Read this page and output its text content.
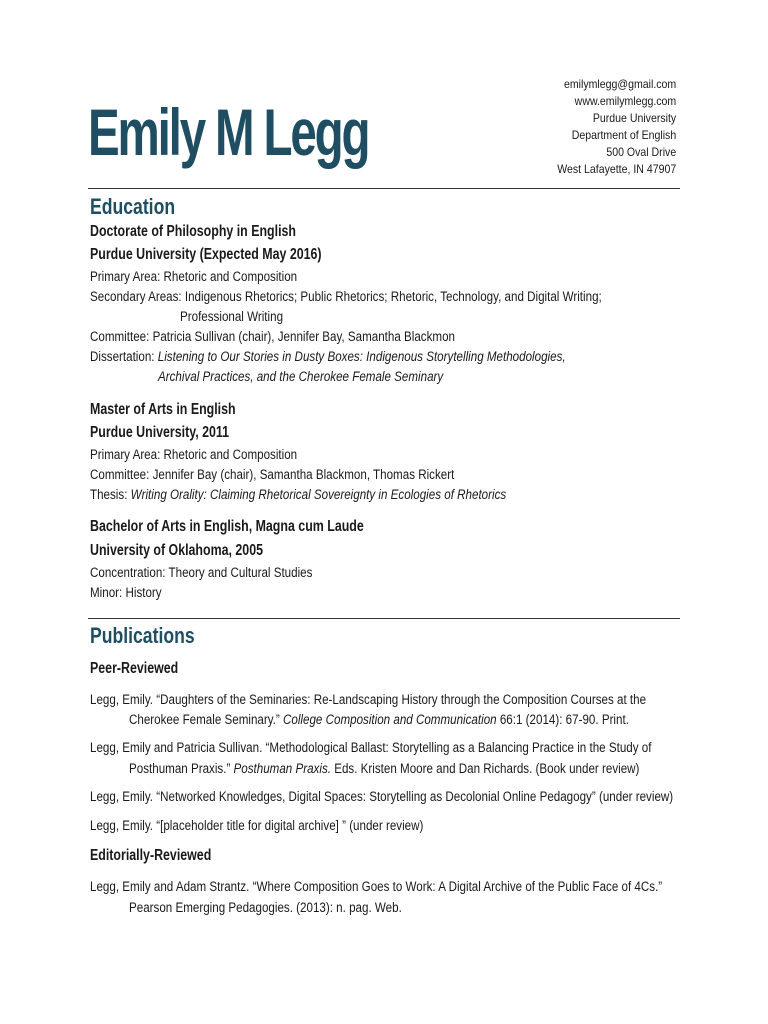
Emily M Legg
emilymlegg@gmail.com
www.emilymlegg.com
Purdue University
Department of English
500 Oval Drive
West Lafayette, IN 47907
Education
Doctorate of Philosophy in English
Purdue University (Expected May 2016)
Primary Area: Rhetoric and Composition
Secondary Areas: Indigenous Rhetorics; Public Rhetorics; Rhetoric, Technology, and Digital Writing;
Professional Writing
Committee: Patricia Sullivan (chair), Jennifer Bay, Samantha Blackmon
Dissertation: Listening to Our Stories in Dusty Boxes: Indigenous Storytelling Methodologies,
Archival Practices, and the Cherokee Female Seminary
Master of Arts in English
Purdue University, 2011
Primary Area: Rhetoric and Composition
Committee: Jennifer Bay (chair), Samantha Blackmon, Thomas Rickert
Thesis: Writing Orality: Claiming Rhetorical Sovereignty in Ecologies of Rhetorics
Bachelor of Arts in English, Magna cum Laude
University of Oklahoma, 2005
Concentration: Theory and Cultural Studies
Minor: History
Publications
Peer-Reviewed
Legg, Emily. “Daughters of the Seminaries: Re-Landscaping History through the Composition Courses at the
Cherokee Female Seminary.” College Composition and Communication 66:1 (2014): 67-90. Print.
Legg, Emily and Patricia Sullivan. “Methodological Ballast: Storytelling as a Balancing Practice in the Study of
Posthuman Praxis.” Posthuman Praxis. Eds. Kristen Moore and Dan Richards. (Book under review)
Legg, Emily. “Networked Knowledges, Digital Spaces: Storytelling as Decolonial Online Pedagogy” (under review)
Legg, Emily. “[placeholder title for digital archive] ” (under review)
Editorially-Reviewed
Legg, Emily and Adam Strantz. “Where Composition Goes to Work: A Digital Archive of the Public Face of 4Cs.”
Pearson Emerging Pedagogies. (2013): n. pag. Web.
